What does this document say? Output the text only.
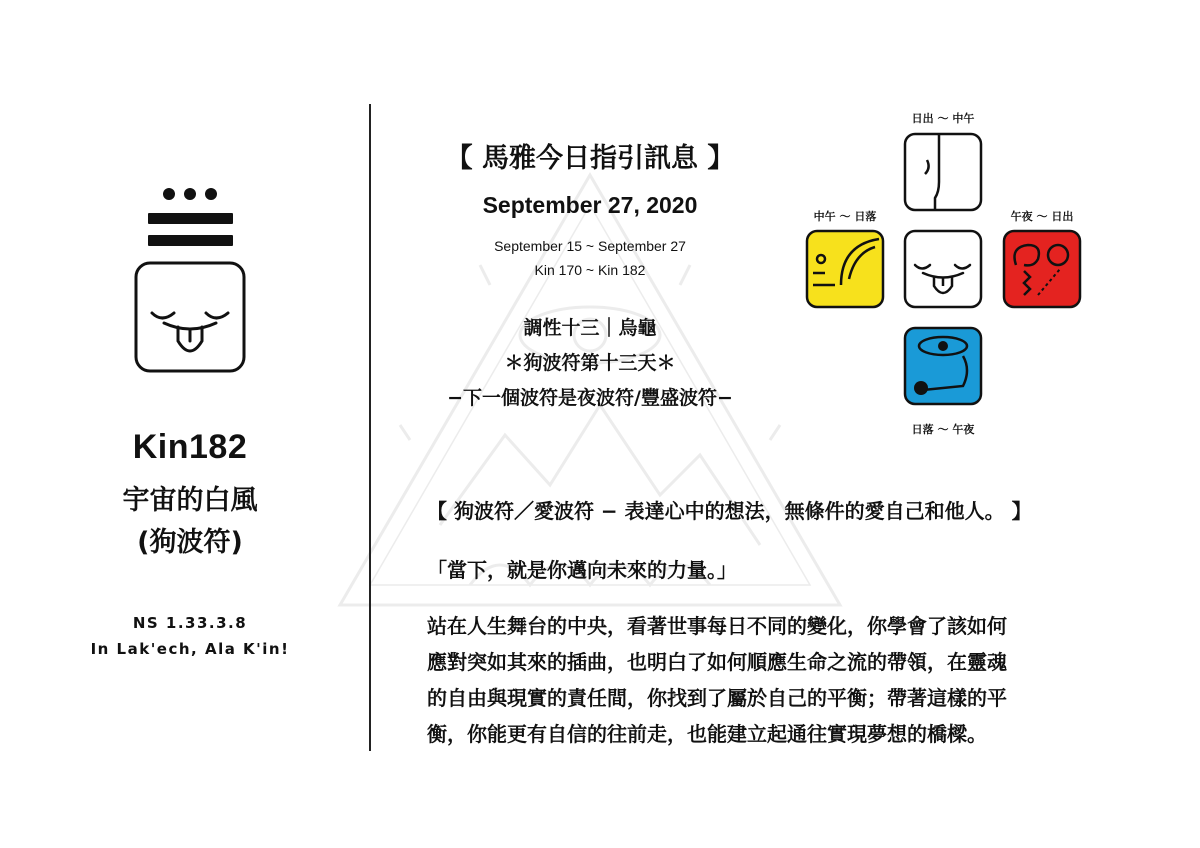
Kin182
宇宙的白風
(狗波符)
NS 1.33.3.8
In Lak'ech, Ala K'in!
【 馬雅今日指引訊息 】
September 27, 2020
September 15 ~ September 27
Kin 170 ~ Kin 182
調性十三｜烏龜
＊狗波符第十三天＊
−下一個波符是夜波符/豐盛波符−
日出 ～ 中午
中午 ～ 日落	午夜 ～ 日出
日落 ～ 午夜
【 狗波符／愛波符 − 表達心中的想法，無條件的愛自己和他人。 】
「當下，就是你邁向未來的力量。」
站在人生舞台的中央，看著世事每日不同的變化，你學會了該如何
應對突如其來的插曲，也明白了如何順應生命之流的帶領，在靈魂
的自由與現實的責任間，你找到了屬於自己的平衡；帶著這樣的平
衡，你能更有自信的往前走，也能建立起通往實現夢想的橋樑。
